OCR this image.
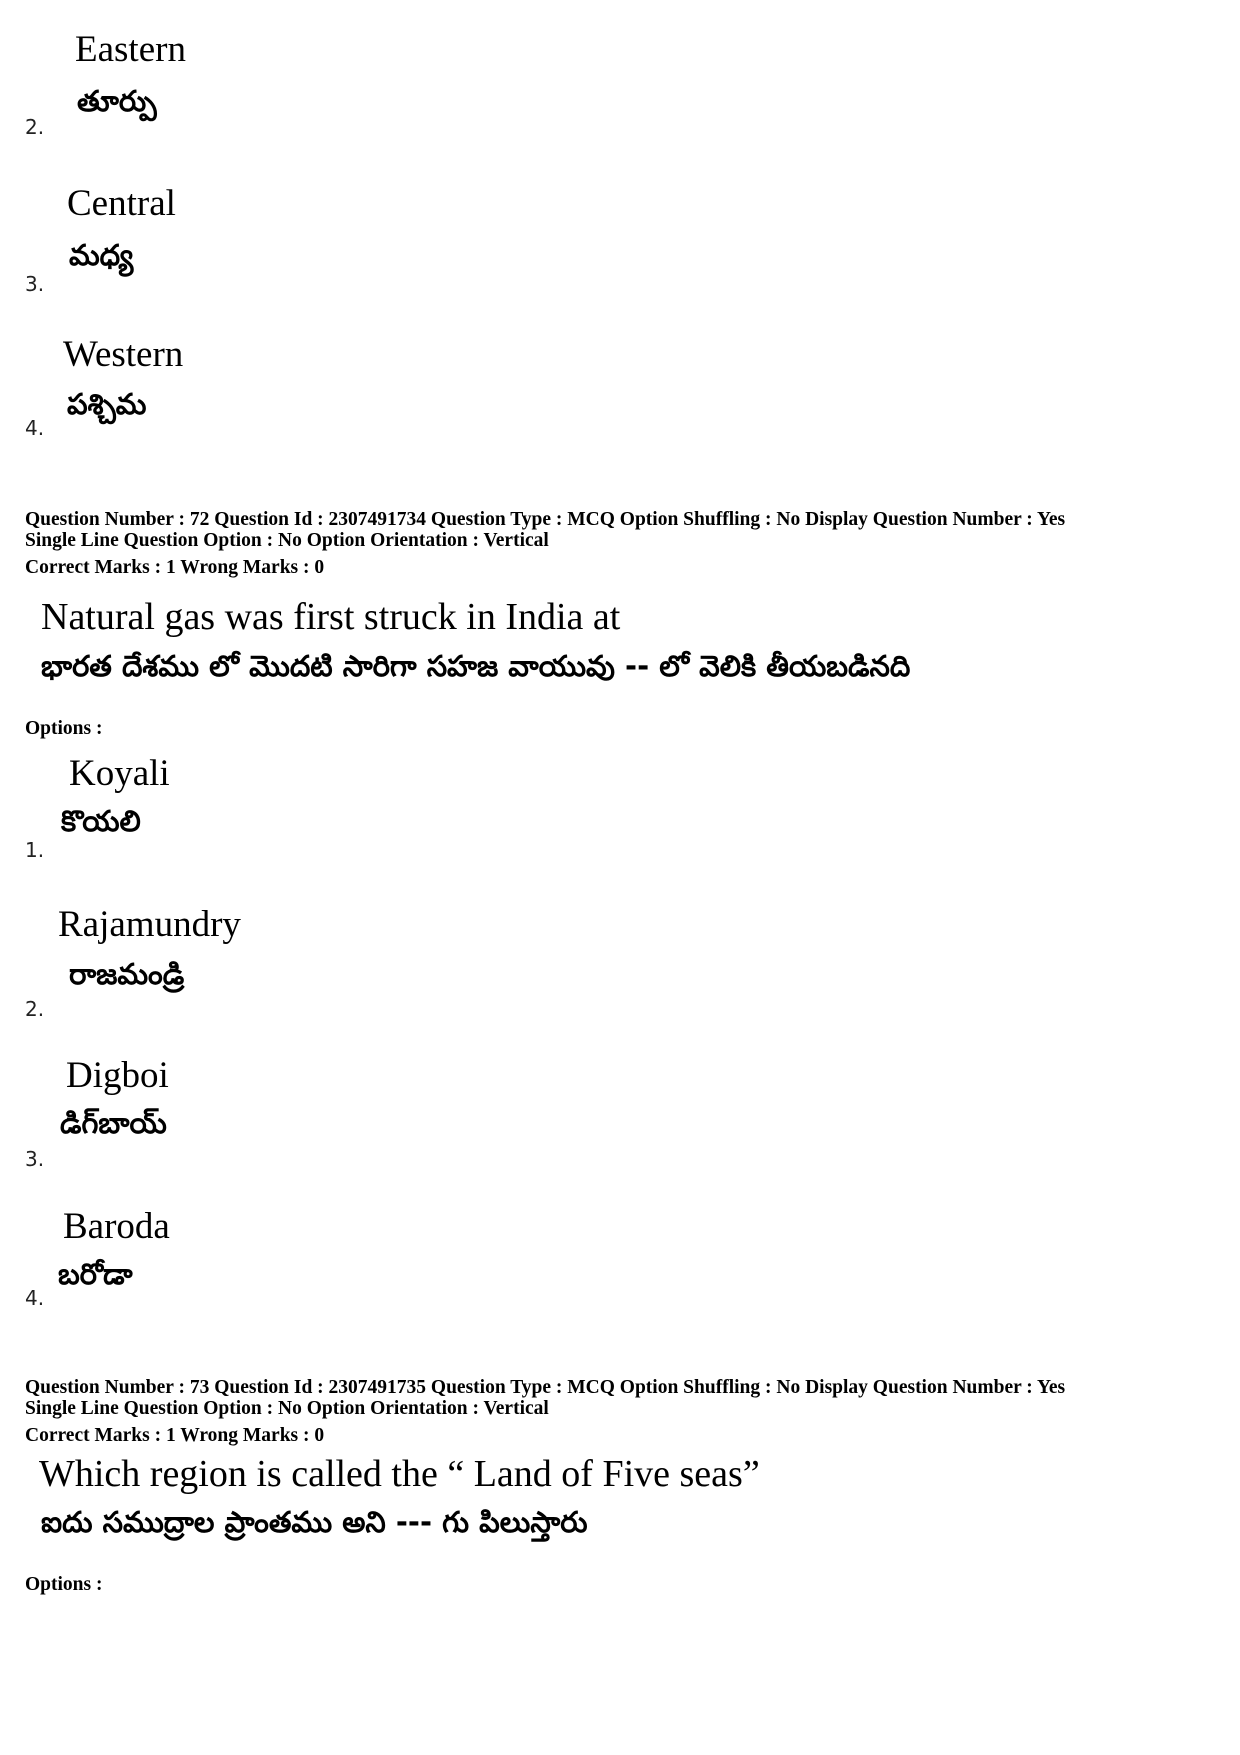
Eastern
తూర్పు
2.
Central
మధ్య
3.
Western
పశ్చిమ
4.
Question Number : 72 Question Id : 2307491734 Question Type : MCQ Option Shuffling : No Display Question Number : Yes
Single Line Question Option : No Option Orientation : Vertical
Correct Marks : 1 Wrong Marks : 0
Natural gas was first struck in India at
భారత దేశము లో మొదటి సారిగా సహజ వాయువు -- లో వెలికి తీయబడినది
Options :
Koyali
కొయలి
1.
Rajamundry
రాజమండ్రి
2.
Digboi
డిగ్‌బాయ్
3.
Baroda
బరోడా
4.
Question Number : 73 Question Id : 2307491735 Question Type : MCQ Option Shuffling : No Display Question Number : Yes
Single Line Question Option : No Option Orientation : Vertical
Correct Marks : 1 Wrong Marks : 0
Which region is called the “ Land of Five seas”
ఐదు సముద్రాల ప్రాంతము అని --- గు పిలుస్తారు
Options :
